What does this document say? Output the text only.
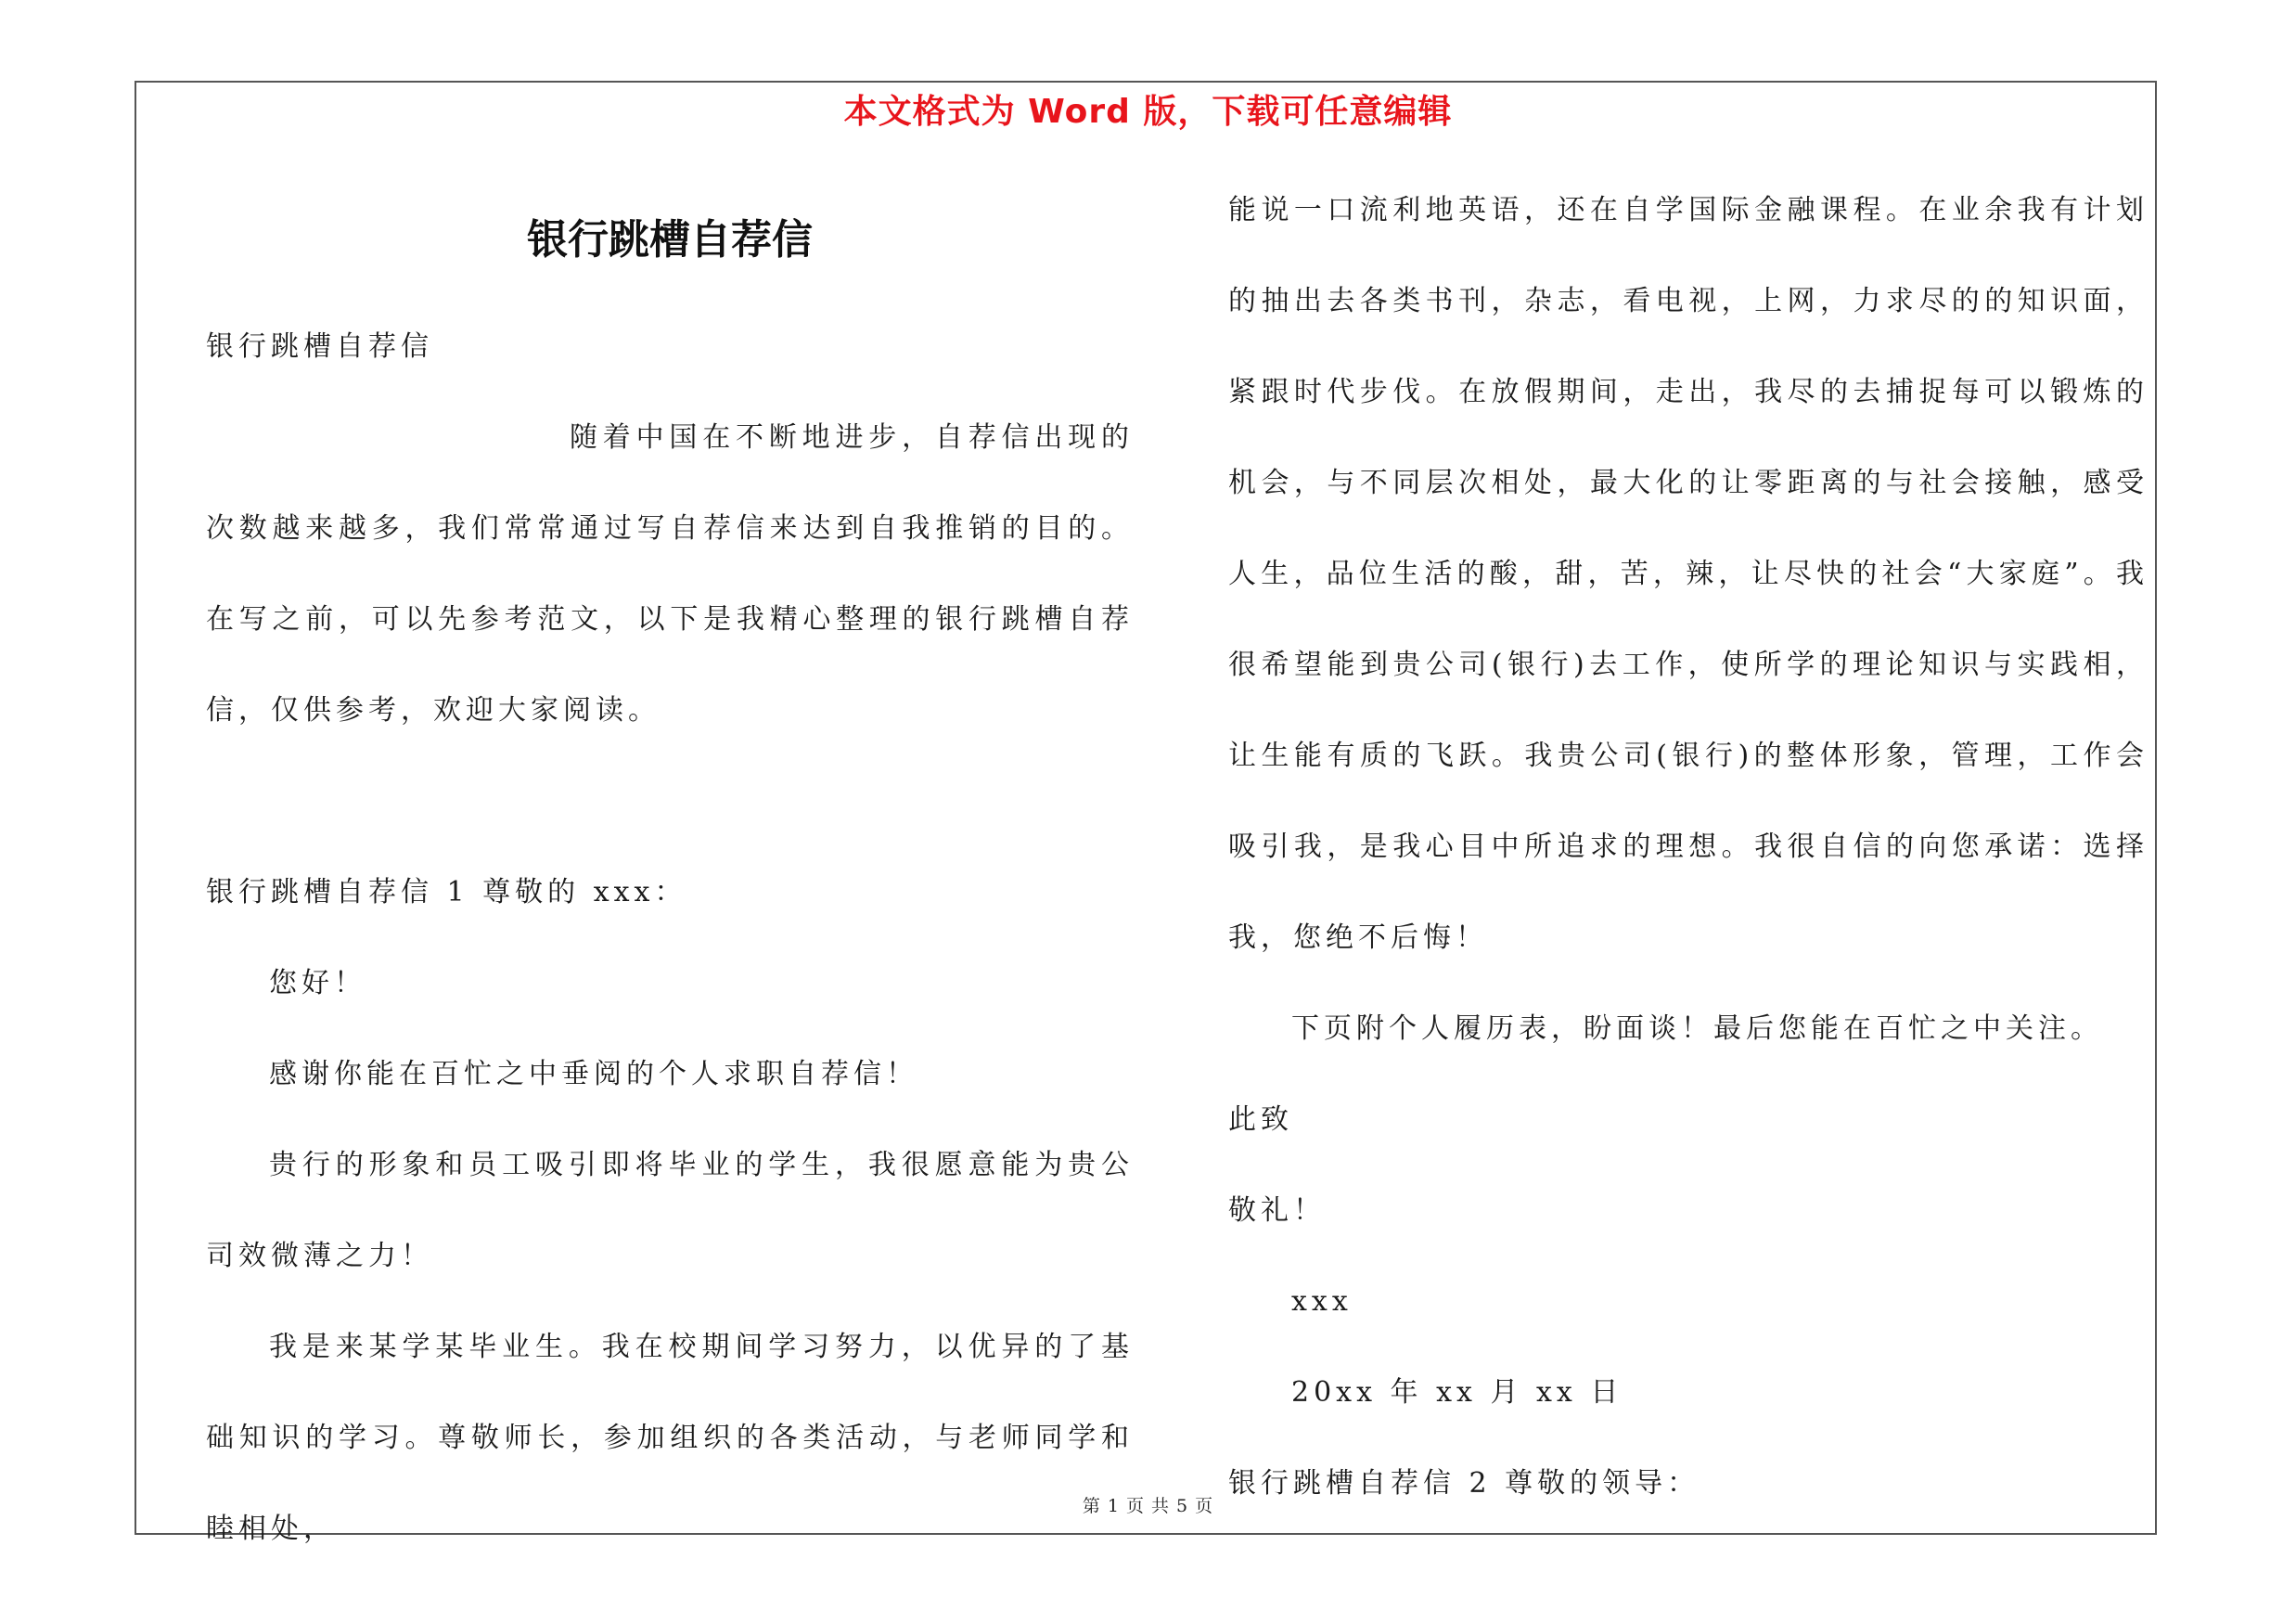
本文格式为 Word 版，下载可任意编辑
银行跳槽自荐信

银行跳槽自荐信

随着中国在不断地进步，自荐信出现的次数越来越多，我们常常通过写自荐信来达到自我推销的目的。在写之前，可以先参考范文，以下是我精心整理的银行跳槽自荐信，仅供参考，欢迎大家阅读。

银行跳槽自荐信 1 尊敬的 xxx：

您好！

感谢你能在百忙之中垂阅的个人求职自荐信！

贵行的形象和员工吸引即将毕业的学生，我很愿意能为贵公司效微薄之力！

我是来某学某毕业生。我在校期间学习努力，以优异的了基础知识的学习。尊敬师长，参加组织的各类活动，与老师同学和睦相处，

能说一口流利地英语，还在自学国际金融课程。在业余我有计划的抽出去各类书刊，杂志，看电视，上网，力求尽的的知识面，紧跟时代步伐。在放假期间，走出，我尽的去捕捉每可以锻炼的机会，与不同层次相处，最大化的让零距离的与社会接触，感受人生，品位生活的酸，甜，苦，辣，让尽快的社会“大家庭”。我很希望能到贵公司(银行)去工作，使所学的理论知识与实践相，让生能有质的飞跃。我贵公司(银行)的整体形象，管理，工作会吸引我，是我心目中所追求的理想。我很自信的向您承诺：选择我，您绝不后悔！

下页附个人履历表，盼面谈！最后您能在百忙之中关注。

此致

敬礼！

xxx

20xx 年 xx 月 xx 日

银行跳槽自荐信 2 尊敬的领导：

第 1 页 共 5 页
